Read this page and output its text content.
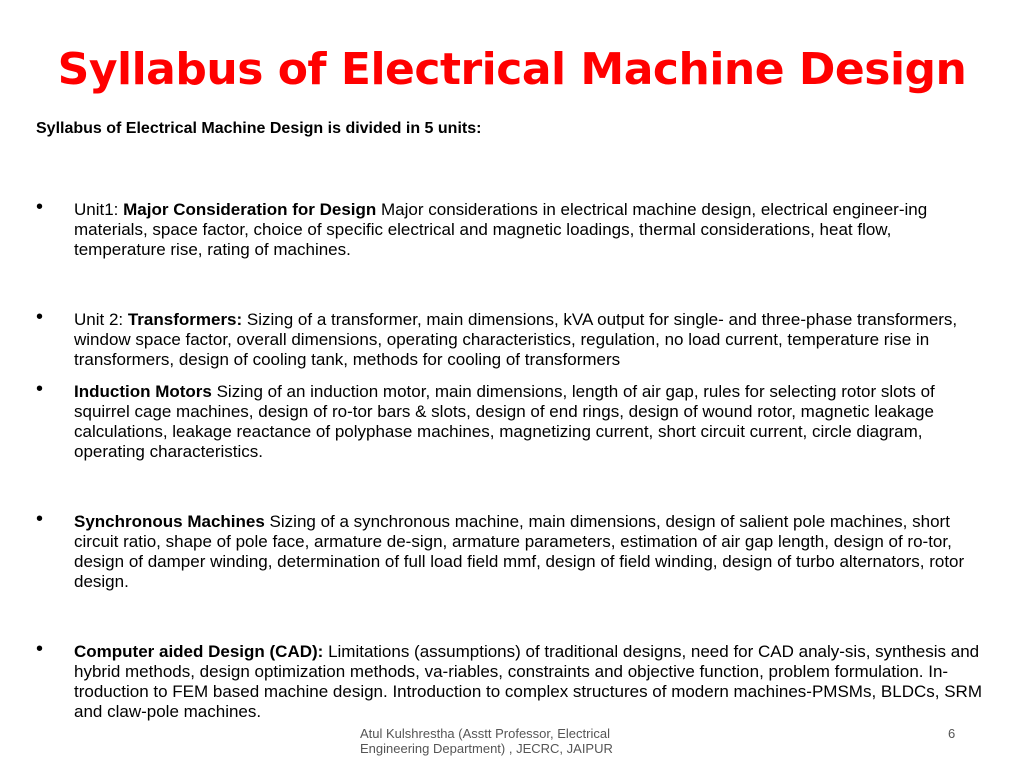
Syllabus of Electrical Machine Design
Syllabus of Electrical Machine Design is divided in 5 units:
• Unit1: Major Consideration for Design Major considerations in electrical machine design, electrical engineer-ing materials, space factor, choice of specific electrical and magnetic loadings, thermal considerations, heat flow, temperature rise, rating of machines.
• Unit 2: Transformers: Sizing of a transformer, main dimensions, kVA output for single- and three-phase transformers, window space factor, overall dimensions, operating characteristics, regulation, no load current, temperature rise in transformers, design of cooling tank, methods for cooling of transformers
• Induction Motors Sizing of an induction motor, main dimensions, length of air gap, rules for selecting rotor slots of squirrel cage machines, design of ro-tor bars & slots, design of end rings, design of wound rotor, magnetic leakage calculations, leakage reactance of polyphase machines, magnetizing current, short circuit current, circle diagram, operating characteristics.
• Synchronous Machines Sizing of a synchronous machine, main dimensions, design of salient pole machines, short circuit ratio, shape of pole face, armature de-sign, armature parameters, estimation of air gap length, design of ro-tor, design of damper winding, determination of full load field mmf, design of field winding, design of turbo alternators, rotor design.
• Computer aided Design (CAD): Limitations (assumptions) of traditional designs, need for CAD analy-sis, synthesis and hybrid methods, design optimization methods, va-riables, constraints and objective function, problem formulation. In-troduction to FEM based machine design. Introduction to complex structures of modern machines-PMSMs, BLDCs, SRM and claw-pole machines.
Atul Kulshrestha (Asstt Professor, Electrical Engineering Department) , JECRC, JAIPUR
6
